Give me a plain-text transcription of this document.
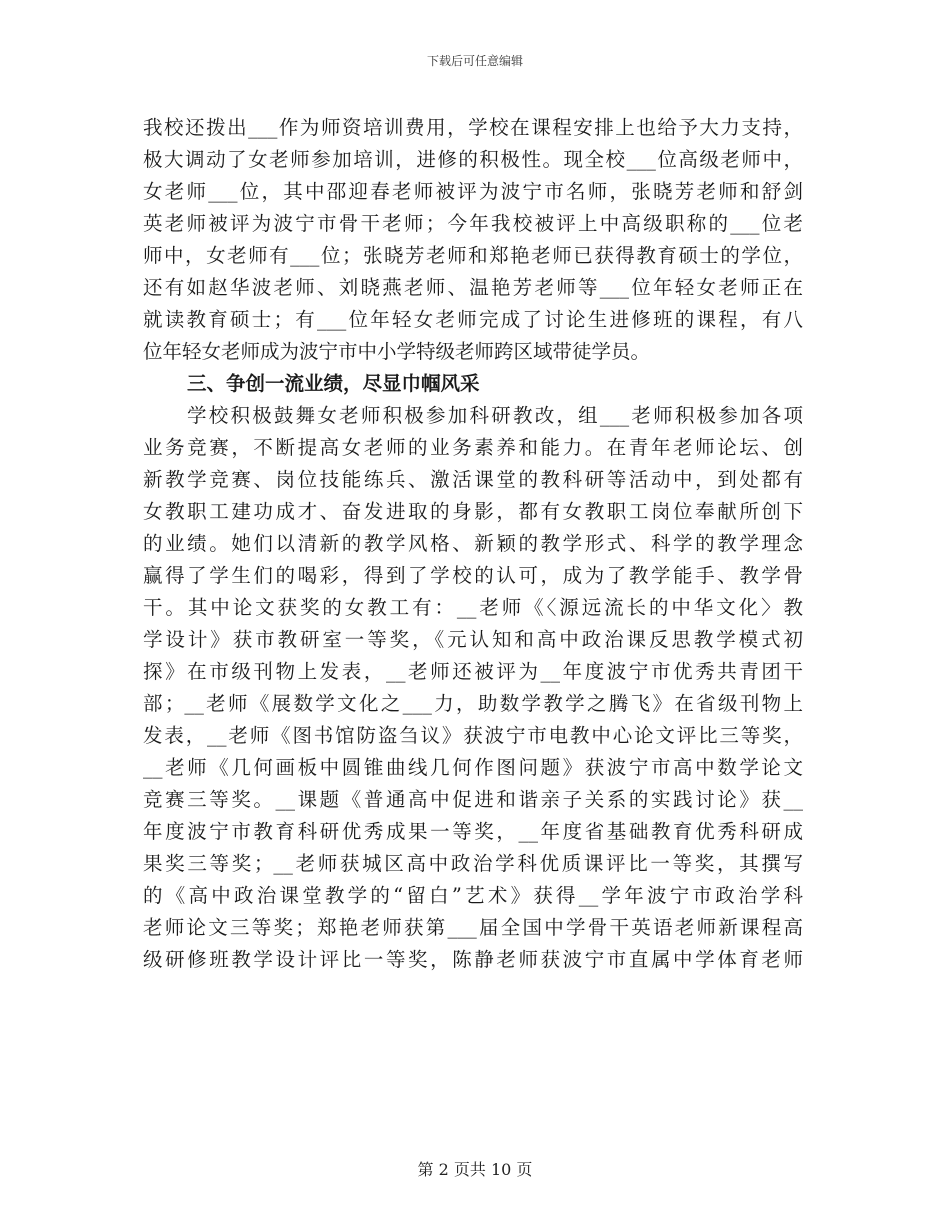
下载后可任意编辑
我校还拨出___作为师资培训费用，学校在课程安排上也给予大力支持，
极大调动了女老师参加培训，进修的积极性。现全校___位高级老师中，
女老师___位，其中邵迎春老师被评为波宁市名师，张晓芳老师和舒剑
英老师被评为波宁市骨干老师；今年我校被评上中高级职称的___位老
师中，女老师有___位；张晓芳老师和郑艳老师已获得教育硕士的学位，
还有如赵华波老师、刘晓燕老师、温艳芳老师等___位年轻女老师正在
就读教育硕士；有___位年轻女老师完成了讨论生进修班的课程，有八
位年轻女老师成为波宁市中小学特级老师跨区域带徒学员。
三、争创一流业绩，尽显巾帼风采
学校积极鼓舞女老师积极参加科研教改，组___老师积极参加各项
业务竞赛，不断提高女老师的业务素养和能力。在青年老师论坛、创
新教学竞赛、岗位技能练兵、激活课堂的教科研等活动中，到处都有
女教职工建功成才、奋发进取的身影，都有女教职工岗位奉献所创下
的业绩。她们以清新的教学风格、新颖的教学形式、科学的教学理念
赢得了学生们的喝彩，得到了学校的认可，成为了教学能手、教学骨
干。其中论文获奖的女教工有：__老师《〈源远流长的中华文化〉教
学设计》获市教研室一等奖，《元认知和高中政治课反思教学模式初
探》在市级刊物上发表，__老师还被评为__年度波宁市优秀共青团干
部；__老师《展数学文化之___力，助数学教学之腾飞》在省级刊物上
发表，__老师《图书馆防盗刍议》获波宁市电教中心论文评比三等奖，
__老师《几何画板中圆锥曲线几何作图问题》获波宁市高中数学论文
竞赛三等奖。__课题《普通高中促进和谐亲子关系的实践讨论》获__
年度波宁市教育科研优秀成果一等奖，__年度省基础教育优秀科研成
果奖三等奖；__老师获城区高中政治学科优质课评比一等奖，其撰写
的《高中政治课堂教学的“留白”艺术》获得__学年波宁市政治学科
老师论文三等奖；郑艳老师获第___届全国中学骨干英语老师新课程高
级研修班教学设计评比一等奖，陈静老师获波宁市直属中学体育老师
第 2 页共 10 页
